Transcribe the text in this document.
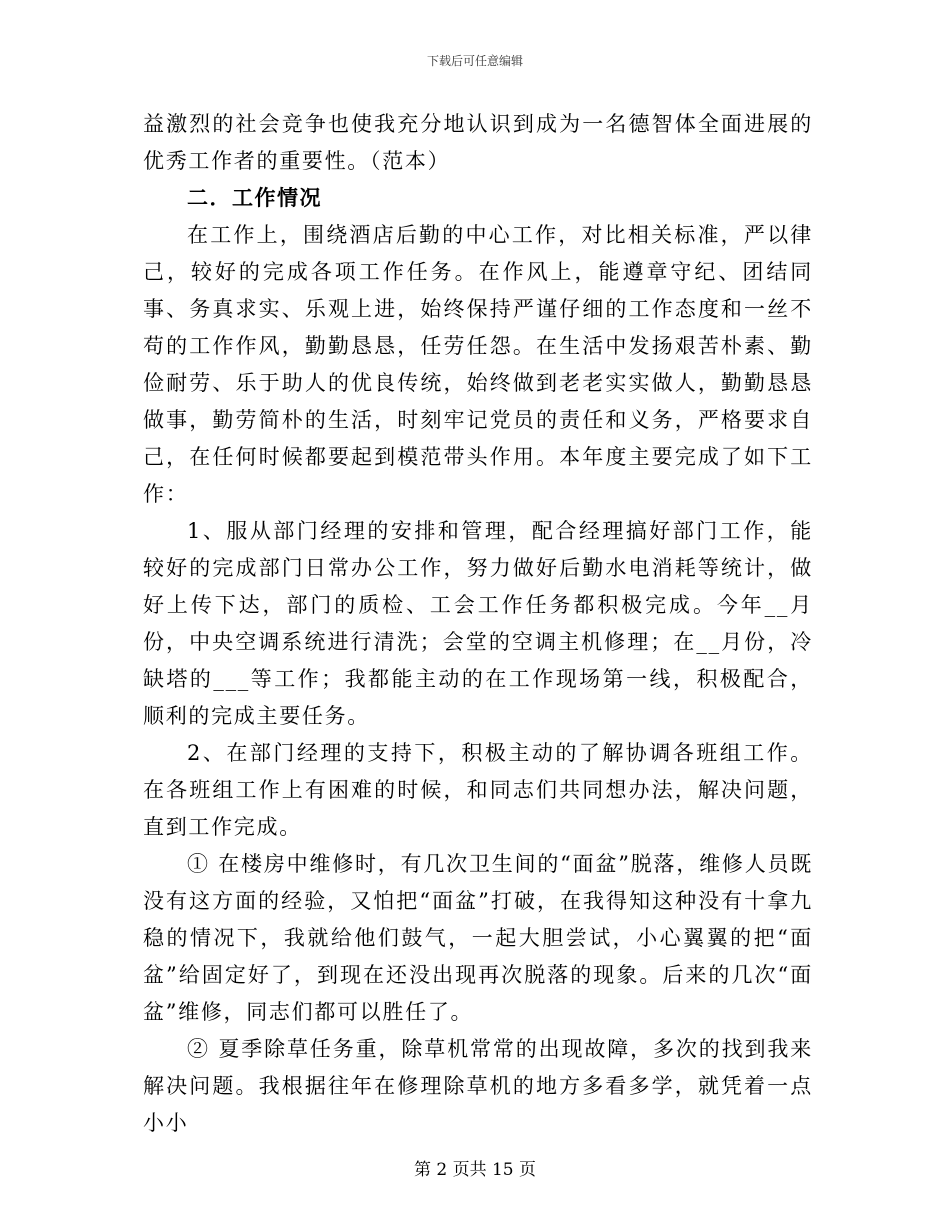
下载后可任意编辑

益激烈的社会竞争也使我充分地认识到成为一名德智体全面进展的优秀工作者的重要性。（范本）

二．工作情况

在工作上，围绕酒店后勤的中心工作，对比相关标准，严以律己，较好的完成各项工作任务。在作风上，能遵章守纪、团结同事、务真求实、乐观上进，始终保持严谨仔细的工作态度和一丝不苟的工作作风，勤勤恳恳，任劳任怨。在生活中发扬艰苦朴素、勤俭耐劳、乐于助人的优良传统，始终做到老老实实做人，勤勤恳恳做事，勤劳简朴的生活，时刻牢记党员的责任和义务，严格要求自己，在任何时候都要起到模范带头作用。本年度主要完成了如下工作：

1、服从部门经理的安排和管理，配合经理搞好部门工作，能较好的完成部门日常办公工作，努力做好后勤水电消耗等统计，做好上传下达，部门的质检、工会工作任务都积极完成。今年__月份，中央空调系统进行清洗；会堂的空调主机修理；在__月份，冷缺塔的___等工作；我都能主动的在工作现场第一线，积极配合，顺利的完成主要任务。

2、在部门经理的支持下，积极主动的了解协调各班组工作。在各班组工作上有困难的时候，和同志们共同想办法，解决问题，直到工作完成。

① 在楼房中维修时，有几次卫生间的“面盆”脱落，维修人员既没有这方面的经验，又怕把“面盆”打破，在我得知这种没有十拿九稳的情况下，我就给他们鼓气，一起大胆尝试，小心翼翼的把“面盆”给固定好了，到现在还没出现再次脱落的现象。后来的几次“面盆”维修，同志们都可以胜任了。

② 夏季除草任务重，除草机常常的出现故障，多次的找到我来解决问题。我根据往年在修理除草机的地方多看多学，就凭着一点小小

第 2 页共 15 页
